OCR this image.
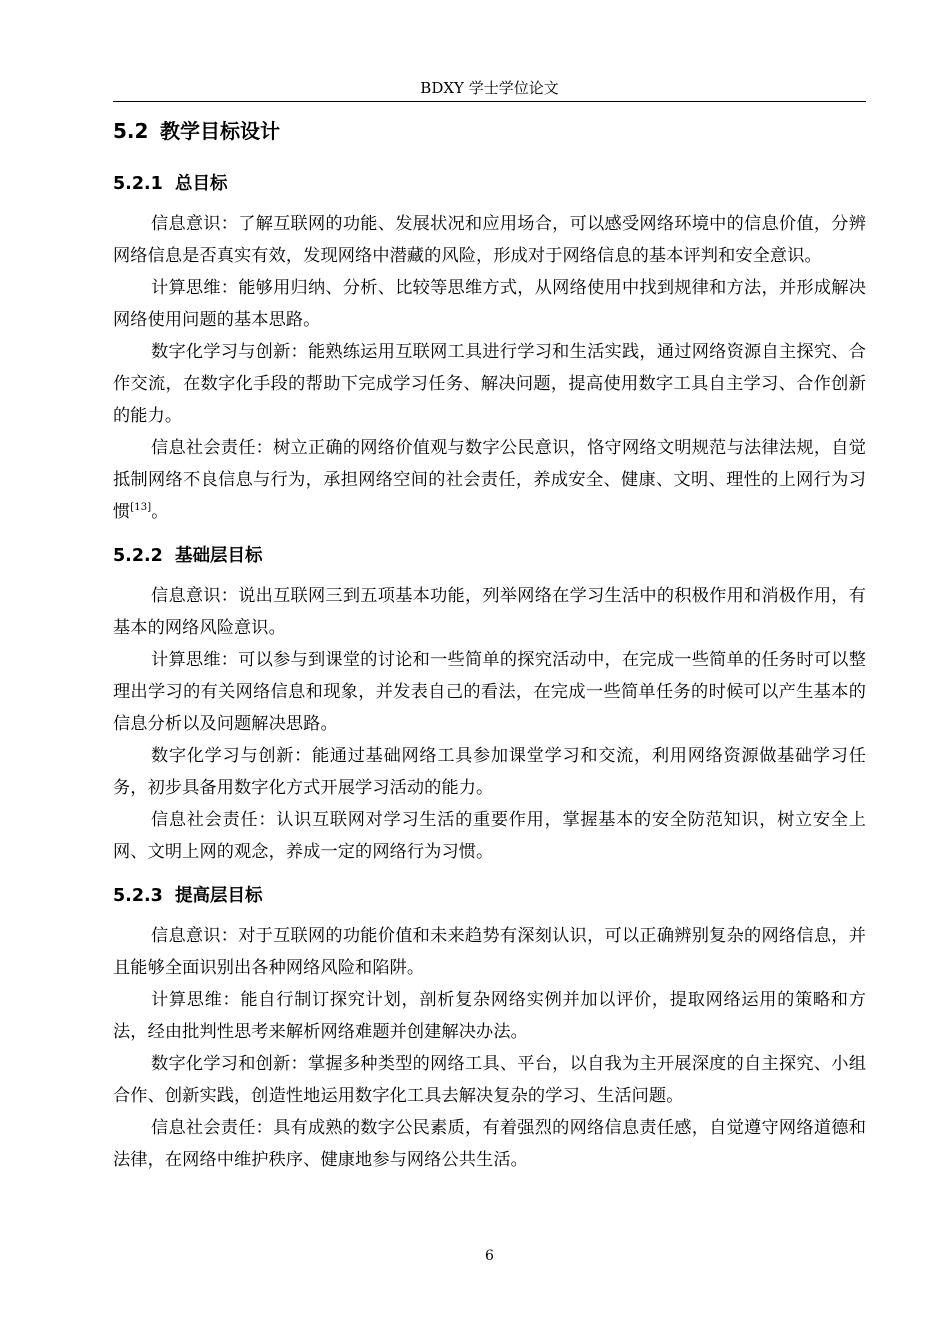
BDXY 学士学位论文
5.2 教学目标设计
5.2.1 总目标

信息意识：了解互联网的功能、发展状况和应用场合，可以感受网络环境中的信息价值，分辨网络信息是否真实有效，发现网络中潜藏的风险，形成对于网络信息的基本评判和安全意识。

计算思维：能够用归纳、分析、比较等思维方式，从网络使用中找到规律和方法，并形成解决网络使用问题的基本思路。

数字化学习与创新：能熟练运用互联网工具进行学习和生活实践，通过网络资源自主探究、合作交流，在数字化手段的帮助下完成学习任务、解决问题，提高使用数字工具自主学习、合作创新的能力。

信息社会责任：树立正确的网络价值观与数字公民意识，恪守网络文明规范与法律法规，自觉抵制网络不良信息与行为，承担网络空间的社会责任，养成安全、健康、文明、理性的上网行为习惯[13]。

5.2.2 基础层目标

信息意识：说出互联网三到五项基本功能，列举网络在学习生活中的积极作用和消极作用，有基本的网络风险意识。

计算思维：可以参与到课堂的讨论和一些简单的探究活动中，在完成一些简单的任务时可以整理出学习的有关网络信息和现象，并发表自己的看法，在完成一些简单任务的时候可以产生基本的信息分析以及问题解决思路。

数字化学习与创新：能通过基础网络工具参加课堂学习和交流，利用网络资源做基础学习任务，初步具备用数字化方式开展学习活动的能力。

信息社会责任：认识互联网对学习生活的重要作用，掌握基本的安全防范知识，树立安全上网、文明上网的观念，养成一定的网络行为习惯。

5.2.3 提高层目标

信息意识：对于互联网的功能价值和未来趋势有深刻认识，可以正确辨别复杂的网络信息，并且能够全面识别出各种网络风险和陷阱。

计算思维：能自行制订探究计划，剖析复杂网络实例并加以评价，提取网络运用的策略和方法，经由批判性思考来解析网络难题并创建解决办法。

数字化学习和创新：掌握多种类型的网络工具、平台，以自我为主开展深度的自主探究、小组合作、创新实践，创造性地运用数字化工具去解决复杂的学习、生活问题。

信息社会责任：具有成熟的数字公民素质，有着强烈的网络信息责任感，自觉遵守网络道德和法律，在网络中维护秩序、健康地参与网络公共生活。

6
